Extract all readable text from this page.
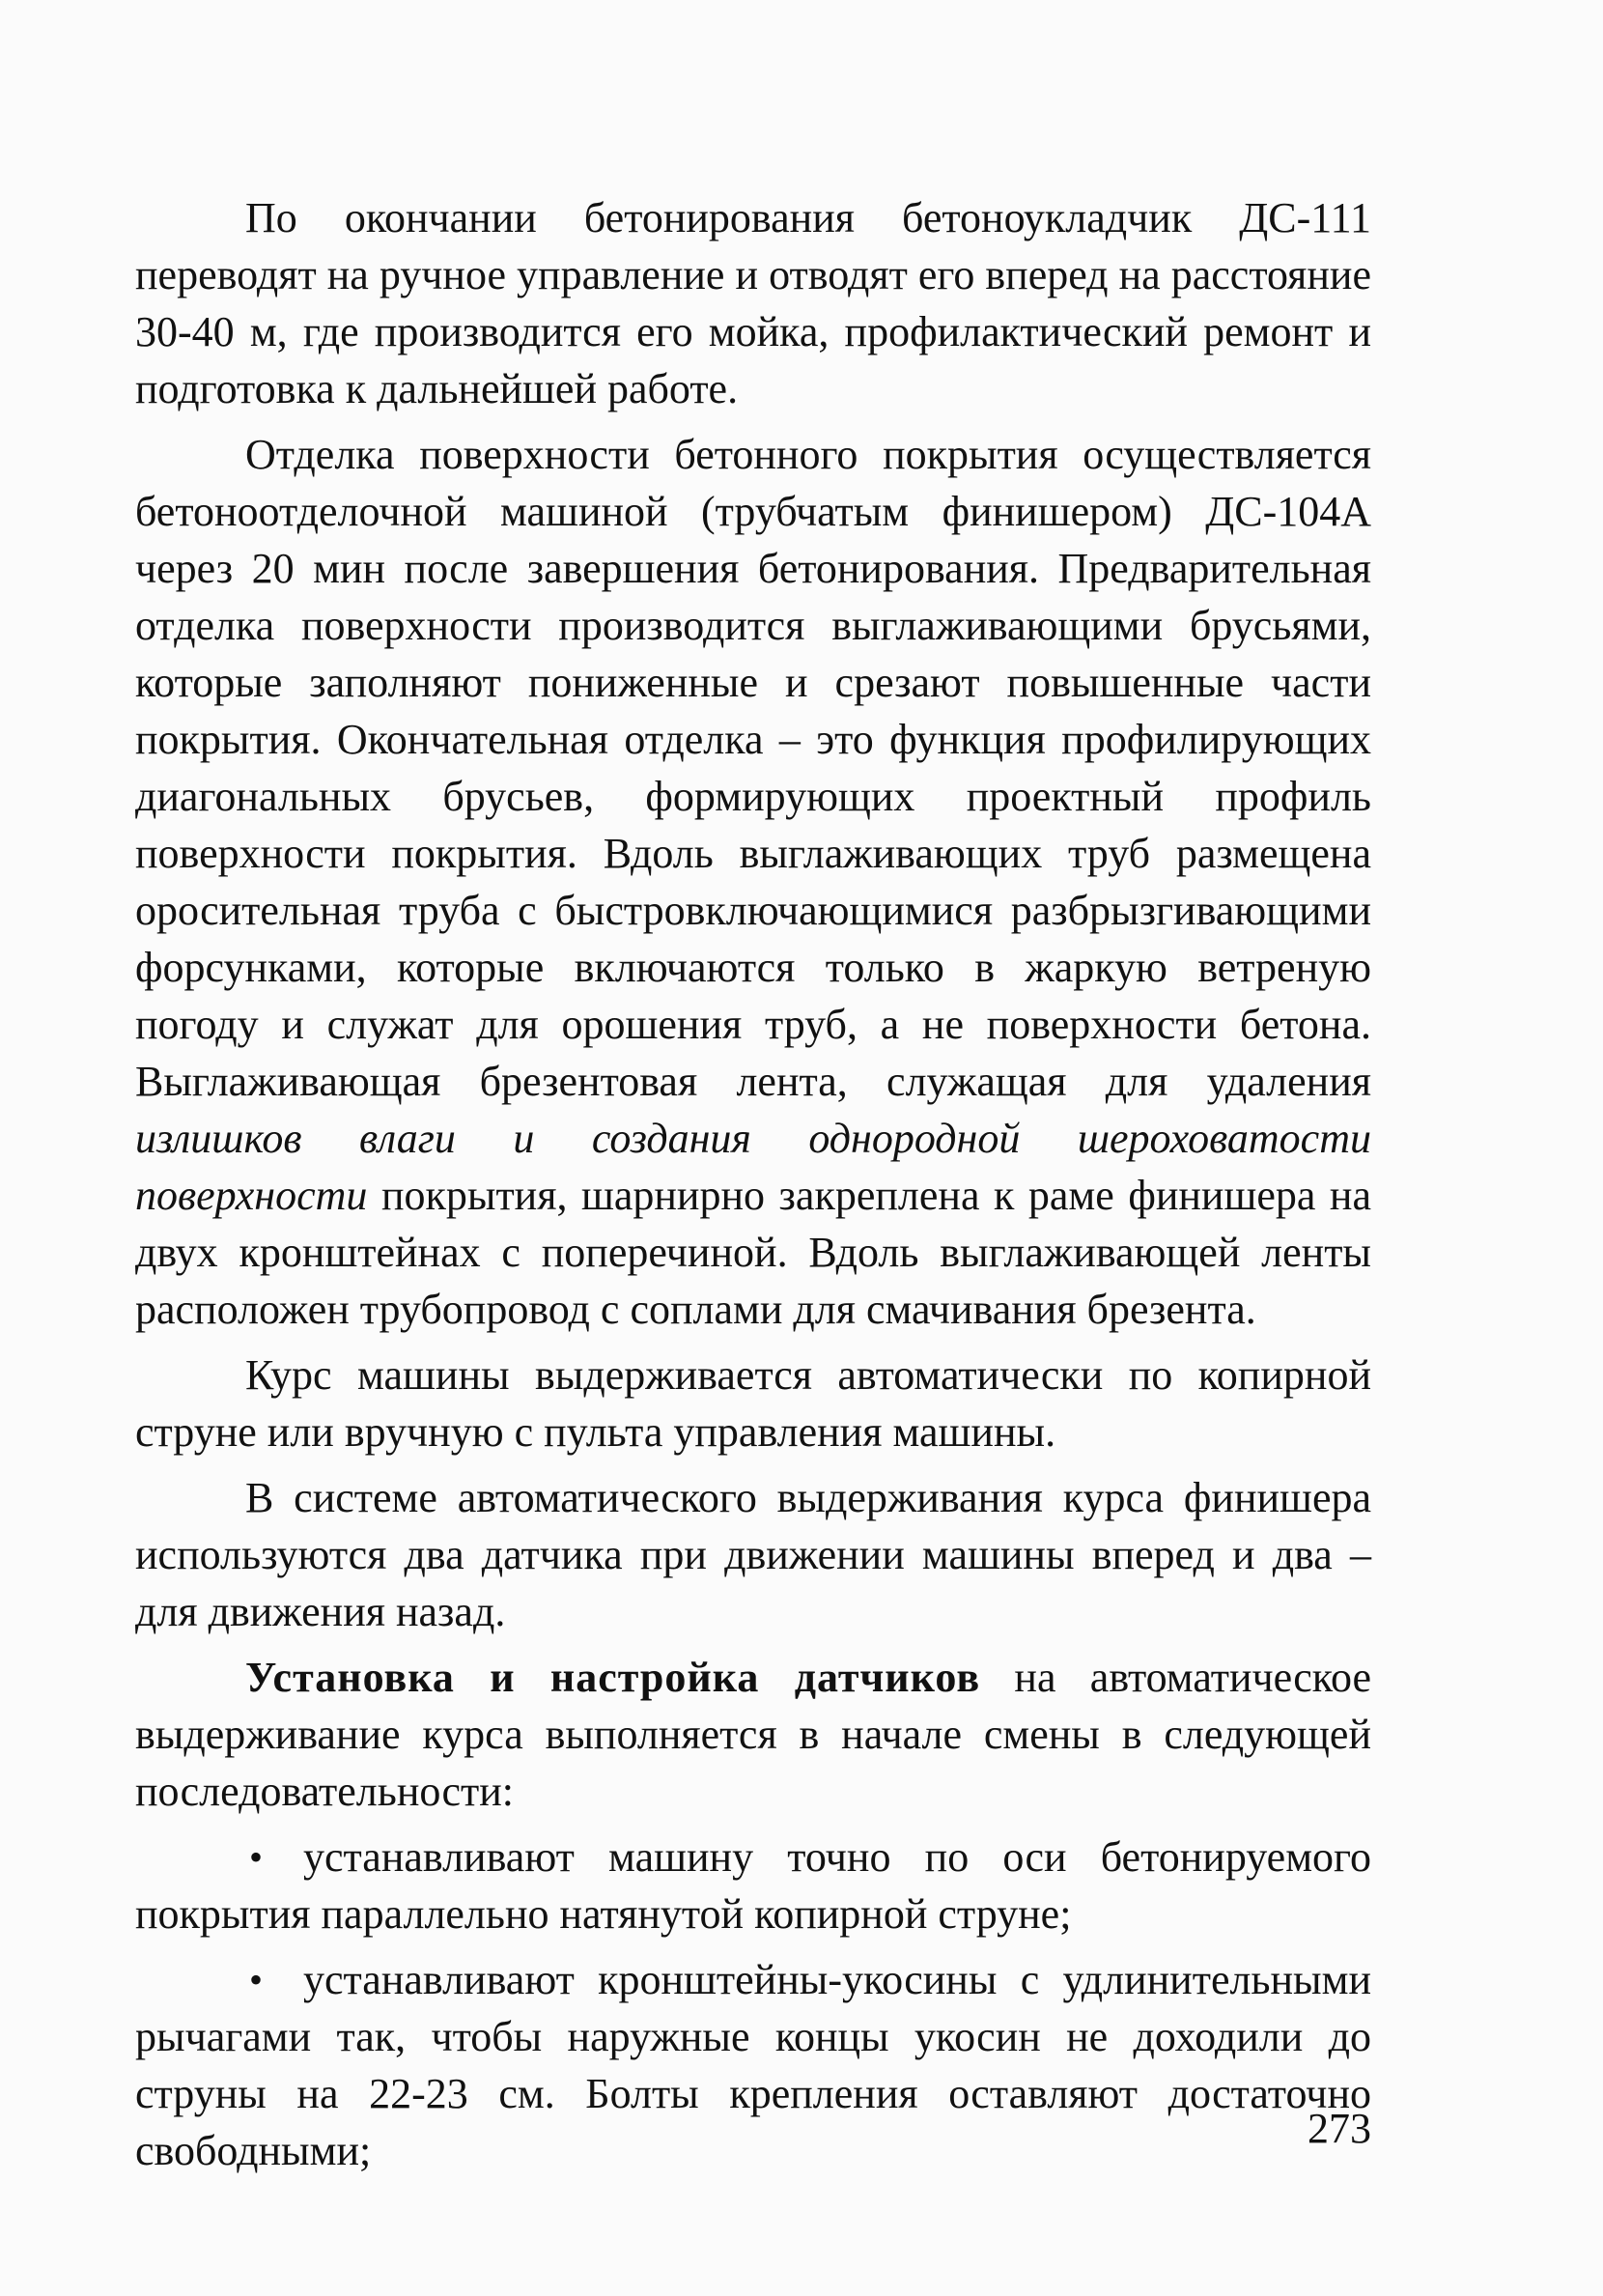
По окончании бетонирования бетоноукладчик ДС-111 переводят на ручное управление и отводят его вперед на расстояние 30-40 м, где производится его мойка, профилактический ремонт и подготовка к дальнейшей работе.

Отделка поверхности бетонного покрытия осуществляется бетоноотделочной машиной (трубчатым финишером) ДС-104А через 20 мин после завершения бетонирования. Предварительная отделка поверхности производится выглаживающими брусьями, которые заполняют пониженные и срезают повышенные части покрытия. Окончательная отделка – это функция профилирующих диагональных брусьев, формирующих проектный профиль поверхности покрытия. Вдоль выглаживающих труб размещена оросительная труба с быстровключающимися разбрызгивающими форсунками, которые включаются только в жаркую ветреную погоду и служат для орошения труб, а не поверхности бетона. Выглаживающая брезентовая лента, служащая для удаления излишков влаги и создания однородной шероховатости поверхности покрытия, шарнирно закреплена к раме финишера на двух кронштейнах с поперечиной. Вдоль выглаживающей ленты расположен трубопровод с соплами для смачивания брезента.

Курс машины выдерживается автоматически по копирной струне или вручную с пульта управления машины.

В системе автоматического выдерживания курса финишера используются два датчика при движении машины вперед и два – для движения назад.

Установка и настройка датчиков на автоматическое выдерживание курса выполняется в начале смены в следующей последовательности:

• устанавливают машину точно по оси бетонируемого покрытия параллельно натянутой копирной струне;

• устанавливают кронштейны-укосины с удлинительными рычагами так, чтобы наружные концы укосин не доходили до струны на 22-23 см. Болты крепления оставляют достаточно свободными;	273
